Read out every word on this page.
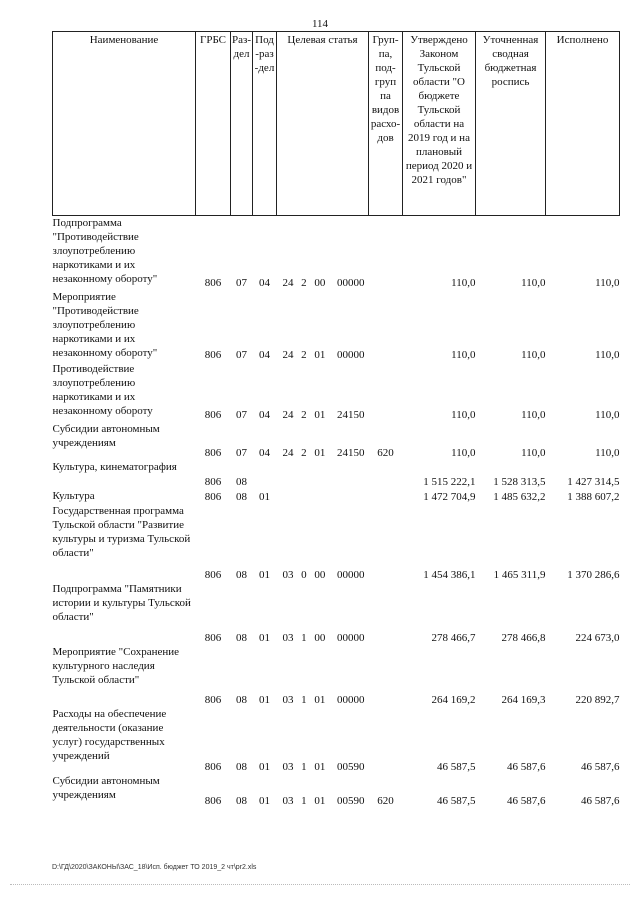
114
Наименование	ГРБС	Раз-дел	Под-раз-дел	Целевая статья	Груп-па, под-груп па видов расхо-дов	Утверждено Законом Тульской области "О бюджете Тульской области на 2019 год и на плановый период 2020 и 2021 годов"	Уточненная сводная бюджетная роспись	Исполнено
Подпрограмма "Противодействие злоупотреблению наркотиками и их незаконному обороту"	806	07	04	24 2 00 00000		110,0	110,0	110,0
Мероприятие "Противодействие злоупотреблению наркотиками и их незаконному обороту"	806	07	04	24 2 01 00000		110,0	110,0	110,0
Противодействие злоупотреблению наркотиками и их незаконному обороту	806	07	04	24 2 01 24150		110,0	110,0	110,0
Субсидии автономным учреждениям	806	07	04	24 2 01 24150	620	110,0	110,0	110,0
Культура, кинематография	806	08				1 515 222,1	1 528 313,5	1 427 314,5
Культура	806	08	01			1 472 704,9	1 485 632,2	1 388 607,2
Государственная программа Тульской области "Развитие культуры и туризма Тульской области"	806	08	01	03 0 00 00000		1 454 386,1	1 465 311,9	1 370 286,6
Подпрограмма "Памятники истории и культуры Тульской области"	806	08	01	03 1 00 00000		278 466,7	278 466,8	224 673,0
Мероприятие "Сохранение культурного наследия Тульской области"	806	08	01	03 1 01 00000		264 169,2	264 169,3	220 892,7
Расходы на обеспечение деятельности (оказание услуг) государственных учреждений	806	08	01	03 1 01 00590		46 587,5	46 587,6	46 587,6
Субсидии автономным учреждениям	806	08	01	03 1 01 00590	620	46 587,5	46 587,6	46 587,6
D:\ГД\2020\ЗАКОНЫ\ЗАС_18\Исп. бюджет ТО 2019_2 чт\pr2.xls
